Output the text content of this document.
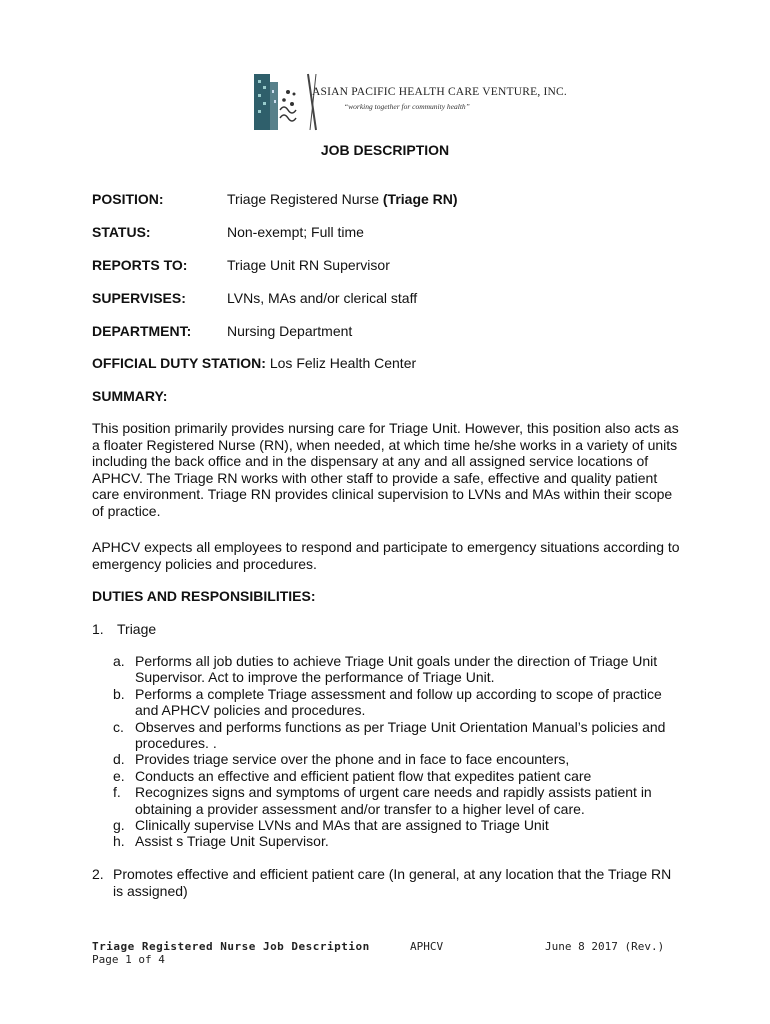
ASIAN PACIFIC HEALTH CARE VENTURE, INC.
“working together for community health”
JOB DESCRIPTION
POSITION:	Triage Registered Nurse (Triage RN)
STATUS:	Non-exempt; Full time
REPORTS TO:	Triage Unit RN Supervisor
SUPERVISES:	LVNs, MAs and/or clerical staff
DEPARTMENT:	Nursing Department
OFFICIAL DUTY STATION: Los Feliz Health Center
SUMMARY:
This position primarily provides nursing care for Triage Unit. However, this position also acts as a floater Registered Nurse (RN), when needed, at which time he/she works in a variety of units including the back office and in the dispensary at any and all assigned service locations of APHCV. The Triage RN works with other staff to provide a safe, effective and quality patient care environment. Triage RN provides clinical supervision to LVNs and MAs within their scope of practice.
APHCV expects all employees to respond and participate to emergency situations according to emergency policies and procedures.
DUTIES AND RESPONSIBILITIES:
1. Triage
a. Performs all job duties to achieve Triage Unit goals under the direction of Triage Unit Supervisor. Act to improve the performance of Triage Unit.
b. Performs a complete Triage assessment and follow up according to scope of practice and APHCV policies and procedures.
c. Observes and performs functions as per Triage Unit Orientation Manual’s policies and procedures. .
d. Provides triage service over the phone and in face to face encounters,
e. Conducts an effective and efficient patient flow that expedites patient care
f. Recognizes signs and symptoms of urgent care needs and rapidly assists patient in obtaining a provider assessment and/or transfer to a higher level of care.
g. Clinically supervise LVNs and MAs that are assigned to Triage Unit
h. Assist s Triage Unit Supervisor.
2. Promotes effective and efficient patient care (In general, at any location that the Triage RN is assigned)
Triage Registered Nurse Job Description
Page 1 of 4
APHCV	June 8 2017 (Rev.)
